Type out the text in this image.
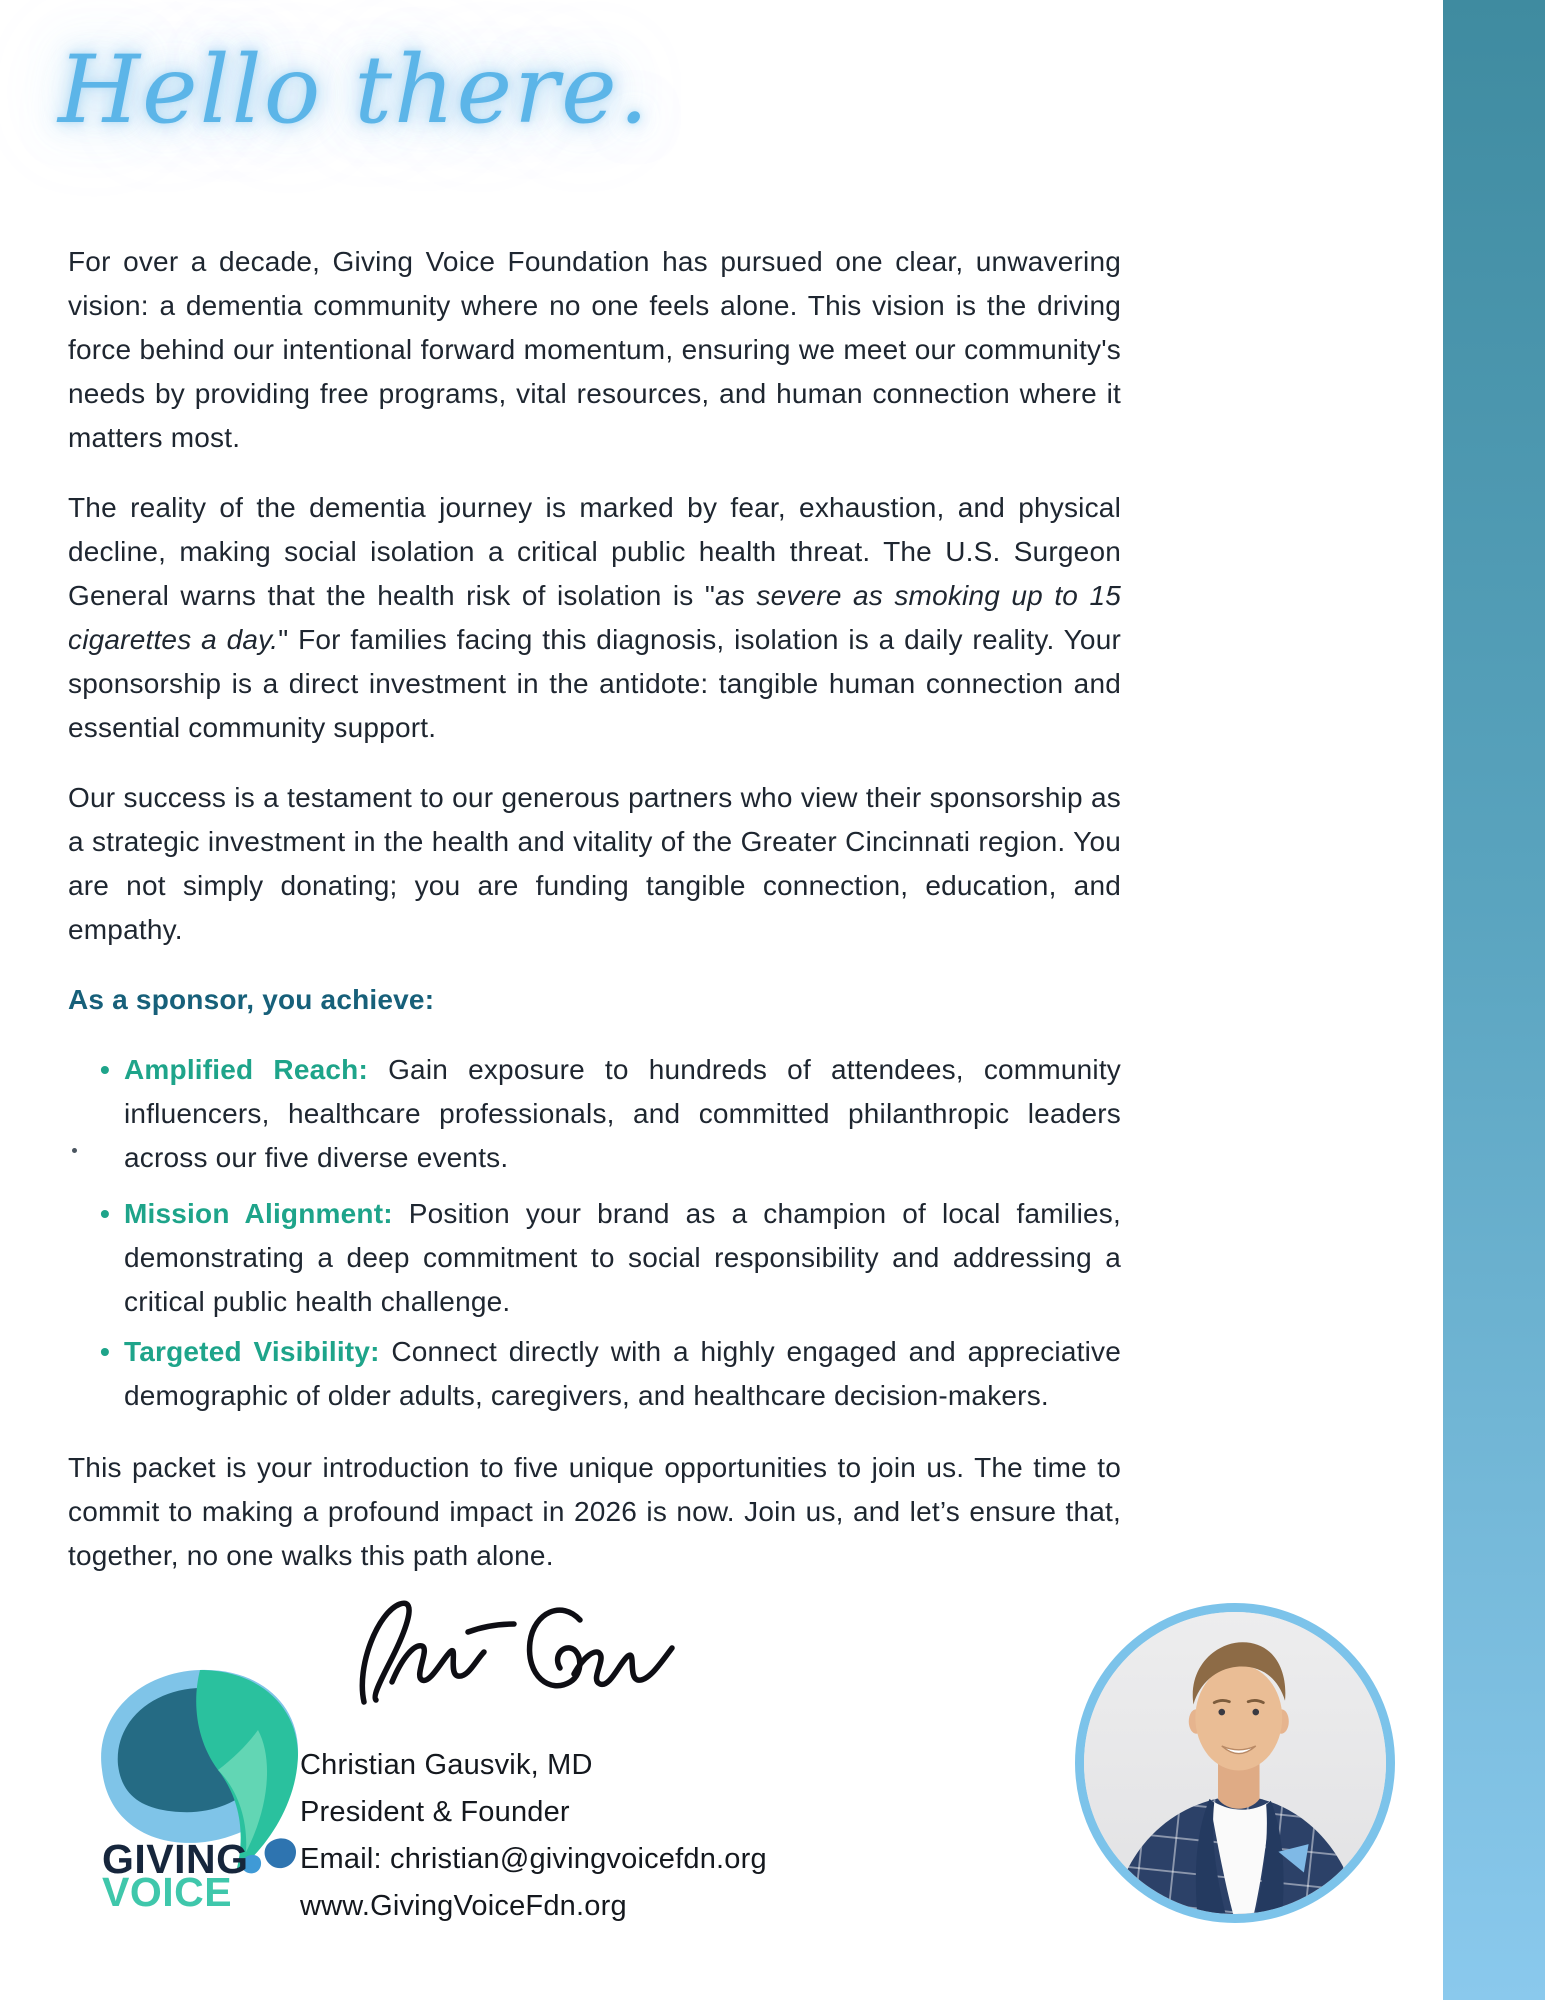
Hello there.

For over a decade, Giving Voice Foundation has pursued one clear, unwavering vision: a dementia community where no one feels alone. This vision is the driving force behind our intentional forward momentum, ensuring we meet our community's needs by providing free programs, vital resources, and human connection where it matters most.

The reality of the dementia journey is marked by fear, exhaustion, and physical decline, making social isolation a critical public health threat. The U.S. Surgeon General warns that the health risk of isolation is "as severe as smoking up to 15 cigarettes a day." For families facing this diagnosis, isolation is a daily reality. Your sponsorship is a direct investment in the antidote: tangible human connection and essential community support.

Our success is a testament to our generous partners who view their sponsorship as a strategic investment in the health and vitality of the Greater Cincinnati region. You are not simply donating; you are funding tangible connection, education, and empathy.

As a sponsor, you achieve:

• Amplified Reach: Gain exposure to hundreds of attendees, community influencers, healthcare professionals, and committed philanthropic leaders across our five diverse events.
• Mission Alignment: Position your brand as a champion of local families, demonstrating a deep commitment to social responsibility and addressing a critical public health challenge.
• Targeted Visibility: Connect directly with a highly engaged and appreciative demographic of older adults, caregivers, and healthcare decision-makers.

This packet is your introduction to five unique opportunities to join us. The time to commit to making a profound impact in 2026 is now. Join us, and let’s ensure that, together, no one walks this path alone.

GIVING
VOICE
Christian Gausvik, MD
President & Founder
Email: christian@givingvoicefdn.org
www.GivingVoiceFdn.org
